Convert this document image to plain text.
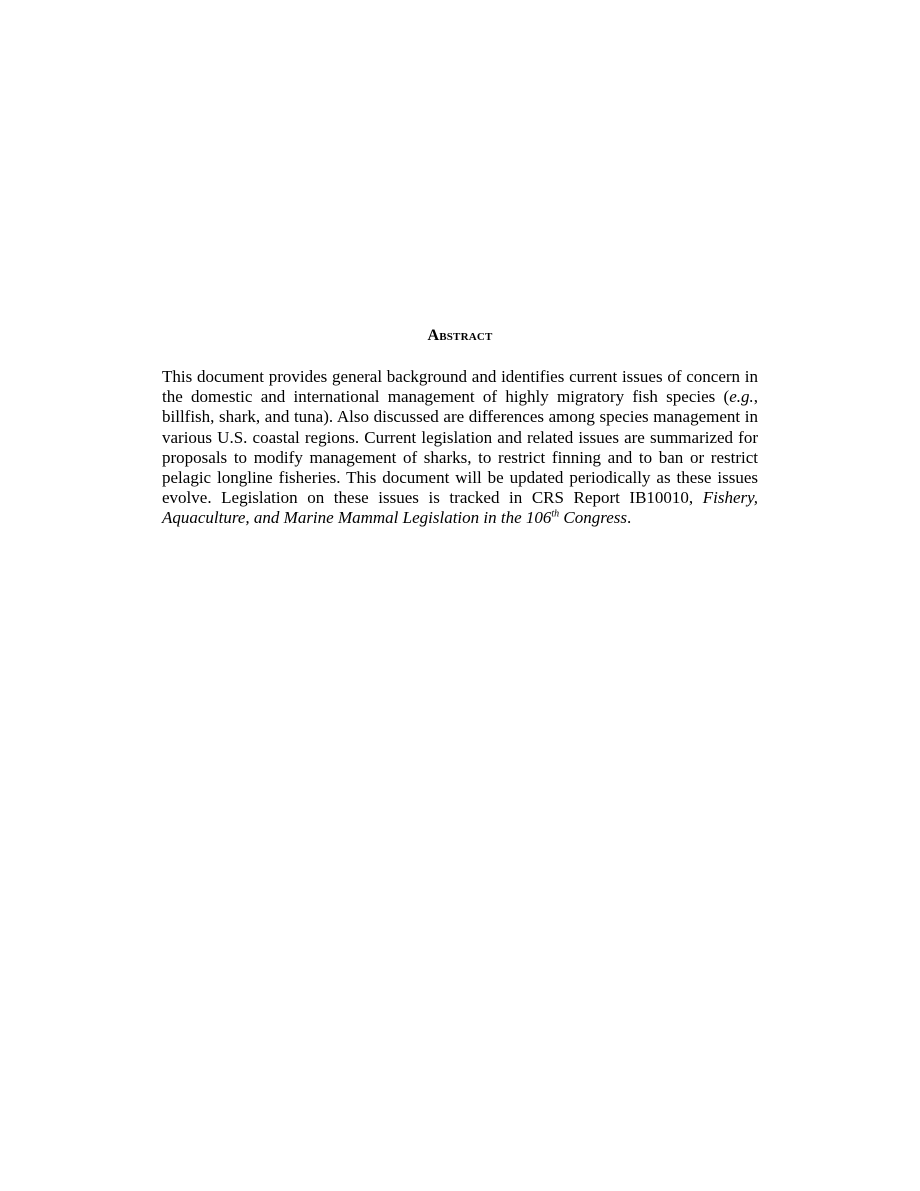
Abstract

This document provides general background and identifies current issues of concern in the domestic and international management of highly migratory fish species (e.g., billfish, shark, and tuna). Also discussed are differences among species management in various U.S. coastal regions. Current legislation and related issues are summarized for proposals to modify management of sharks, to restrict finning and to ban or restrict pelagic longline fisheries. This document will be updated periodically as these issues evolve. Legislation on these issues is tracked in CRS Report IB10010, Fishery, Aquaculture, and Marine Mammal Legislation in the 106th Congress.
